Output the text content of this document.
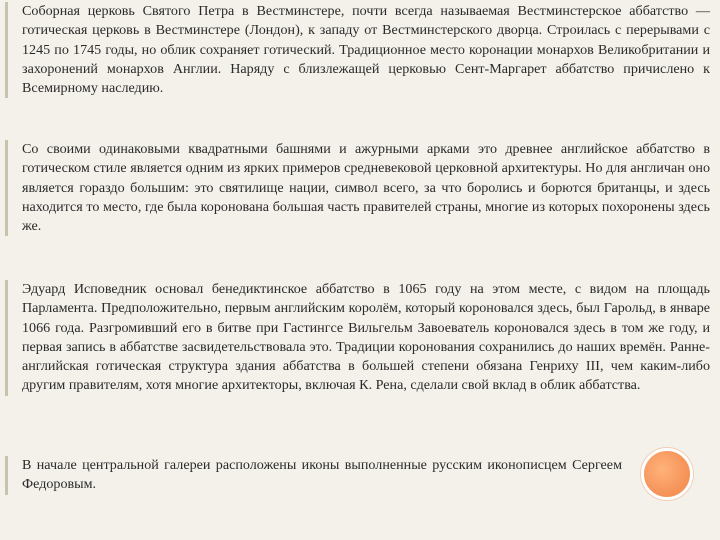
Соборная церковь Святого Петра в Вестминстере, почти всегда называемая Вестминстерское аббатство — готическая церковь в Вестминстере (Лондон), к западу от Вестминстерского дворца. Строилась с перерывами с 1245 по 1745 годы, но облик сохраняет готический. Традиционное место коронации монархов Великобритании и захоронений монархов Англии. Наряду с близлежащей церковью Сент-Маргарет аббатство причислено к Всемирному наследию.

Со своими одинаковыми квадратными башнями и ажурными арками это древнее английское аббатство в готическом стиле является одним из ярких примеров средневековой церковной архитектуры. Но для англичан оно является гораздо большим: это святилище нации, символ всего, за что боролись и борются британцы, и здесь находится то место, где была коронована большая часть правителей страны, многие из которых похоронены здесь же.

Эдуард Исповедник основал бенедиктинское аббатство в 1065 году на этом месте, с видом на площадь Парламента. Предположительно, первым английским королём, который короновался здесь, был Гарольд, в январе 1066 года. Разгромивший его в битве при Гастингсе Вильгельм Завоеватель короновался здесь в том же году, и первая запись в аббатстве засвидетельствовала это. Традиции коронования сохранились до наших времён. Ранне-английская готическая структура здания аббатства в большей степени обязана Генриху III, чем каким-либо другим правителям, хотя многие архитекторы, включая К. Рена, сделали свой вклад в облик аббатства.

В начале центральной галереи расположены иконы выполненные русским иконописцем Сергеем Федоровым.
